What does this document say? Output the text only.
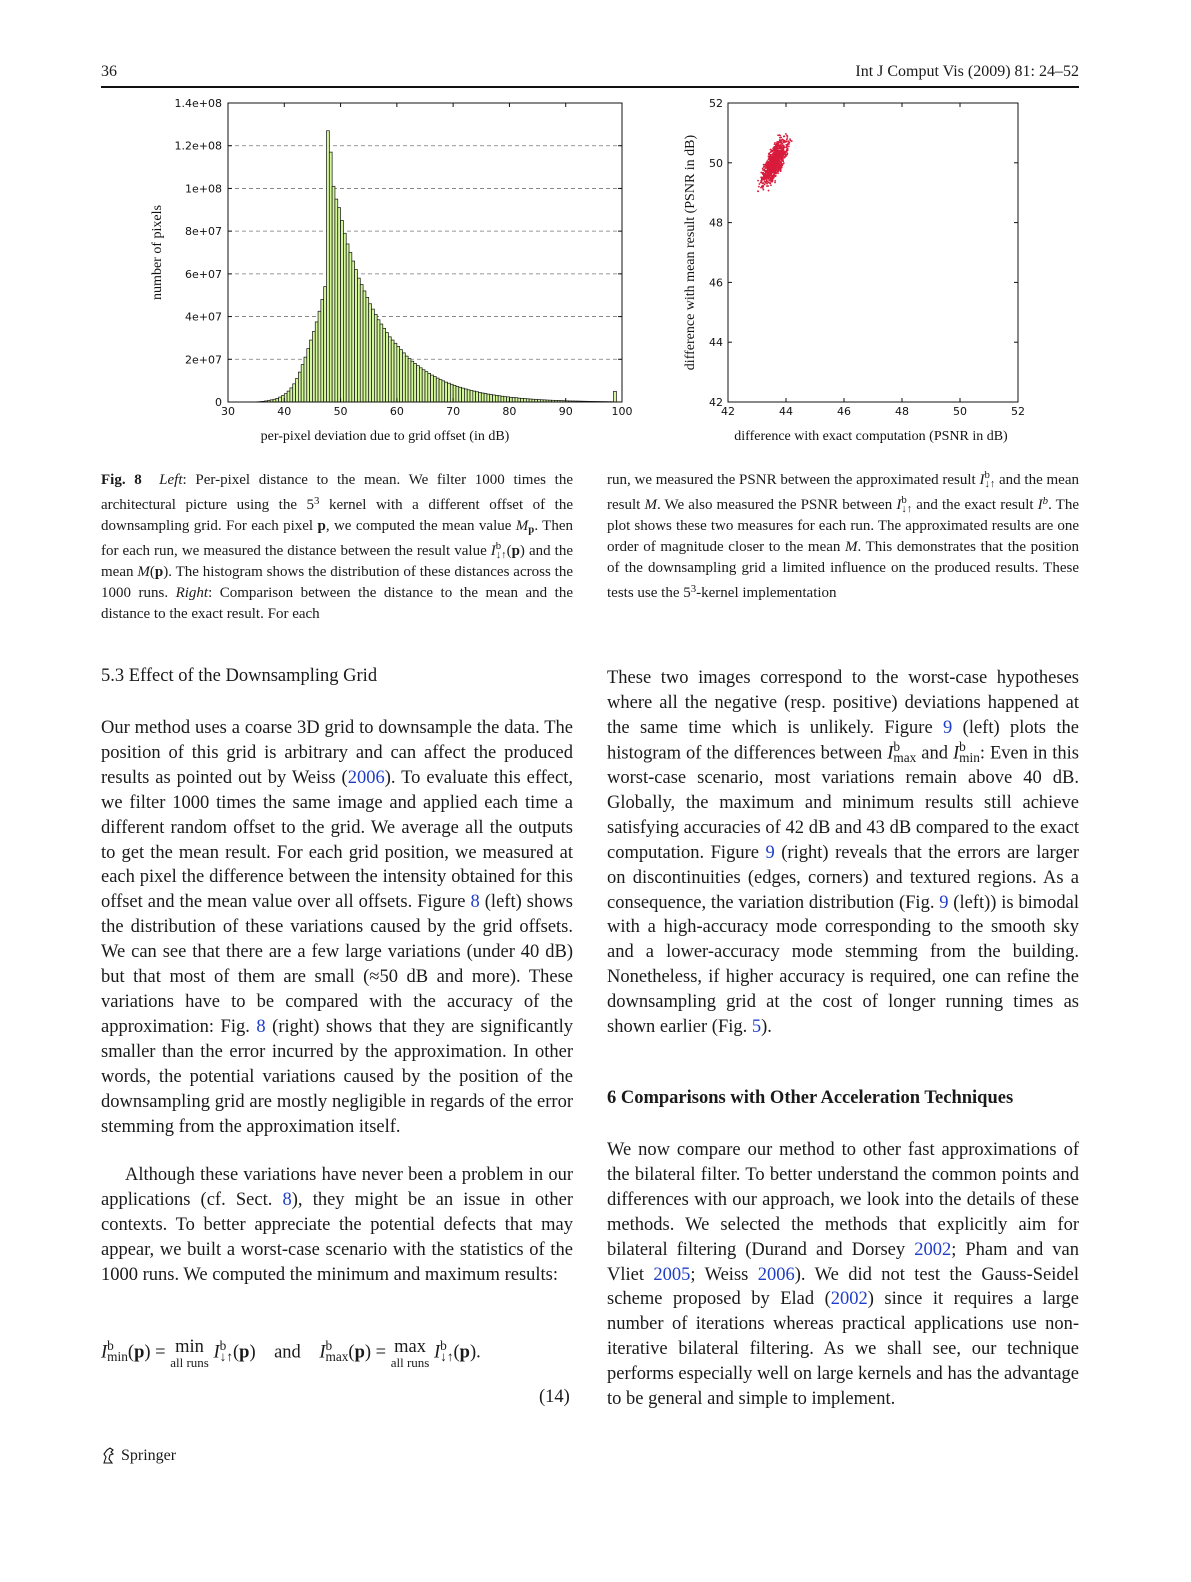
36	Int J Comput Vis (2009) 81: 24–52
30	40	50	60	70	80	90	100
0
2e+07
4e+07
6e+07
8e+07
1e+08
1.2e+08
1.4e+08
per-pixel deviation due to grid offset (in dB)
number of pixels
42	44	46	48	50	52
42
44
46
48
50
52
difference with exact computation (PSNR in dB)
difference with mean result (PSNR in dB)
Fig. 8 Left: Per-pixel distance to the mean. We filter 1000 times the architectural picture using the $5^3$ kernel with a different offset of the downsampling grid. For each pixel p, we computed the mean value $M_p$. Then for each run, we measured the distance between the result value Ib
↓↑(p) and the mean M(p). The histogram shows the distribution of these distances across the 1000 runs. Right: Comparison between the distance to the mean and the distance to the exact result. For each
run, we measured the PSNR between the approximated result Ib
↓↑ and the mean result M. We also measured the PSNR between Ib
↓↑ and the exact result $I^b$. The plot shows these two measures for each run. The approximated results are one order of magnitude closer to the mean M. This demonstrates that the position of the downsampling grid a limited influence on the produced results. These tests use the $5^3$-kernel implementation
5.3 Effect of the Downsampling Grid
Our method uses a coarse 3D grid to downsample the data. The position of this grid is arbitrary and can affect the produced results as pointed out by Weiss (2006). To evaluate this effect, we filter 1000 times the same image and applied each time a different random offset to the grid. We average all the outputs to get the mean result. For each grid position, we measured at each pixel the difference between the intensity obtained for this offset and the mean value over all offsets. Figure 8 (left) shows the distribution of these variations caused by the grid offsets. We can see that there are a few large variations (under 40 dB) but that most of them are small (≈50 dB and more). These variations have to be compared with the accuracy of the approximation: Fig. 8 (right) shows that they are significantly smaller than the error incurred by the approximation. In other words, the potential variations caused by the position of the downsampling grid are mostly negligible in regards of the error stemming from the approximation itself.
Although these variations have never been a problem in our applications (cf. Sect. 8), they might be an issue in other contexts. To better appreciate the potential defects that may appear, we built a worst-case scenario with the statistics of the 1000 runs. We computed the minimum and maximum results:
Ib
min(p) = min
all runs Ib
↓↑(p)    and    Ib
max(p) = max
all runs Ib
↓↑(p).
(14)
These two images correspond to the worst-case hypotheses where all the negative (resp. positive) deviations happened at the same time which is unlikely. Figure 9 (left) plots the histogram of the differences between Ib
max and Ib
min: Even in this worst-case scenario, most variations remain above 40 dB. Globally, the maximum and minimum results still achieve satisfying accuracies of 42 dB and 43 dB compared to the exact computation. Figure 9 (right) reveals that the errors are larger on discontinuities (edges, corners) and textured regions. As a consequence, the variation distribution (Fig. 9 (left)) is bimodal with a high-accuracy mode corresponding to the smooth sky and a lower-accuracy mode stemming from the building. Nonetheless, if higher accuracy is required, one can refine the downsampling grid at the cost of longer running times as shown earlier (Fig. 5).
6 Comparisons with Other Acceleration Techniques
We now compare our method to other fast approximations of the bilateral filter. To better understand the common points and differences with our approach, we look into the details of these methods. We selected the methods that explicitly aim for bilateral filtering (Durand and Dorsey 2002; Pham and van Vliet 2005; Weiss 2006). We did not test the Gauss-Seidel scheme proposed by Elad (2002) since it requires a large number of iterations whereas practical applications use non-iterative bilateral filtering. As we shall see, our technique performs especially well on large kernels and has the advantage to be general and simple to implement.
Springer
